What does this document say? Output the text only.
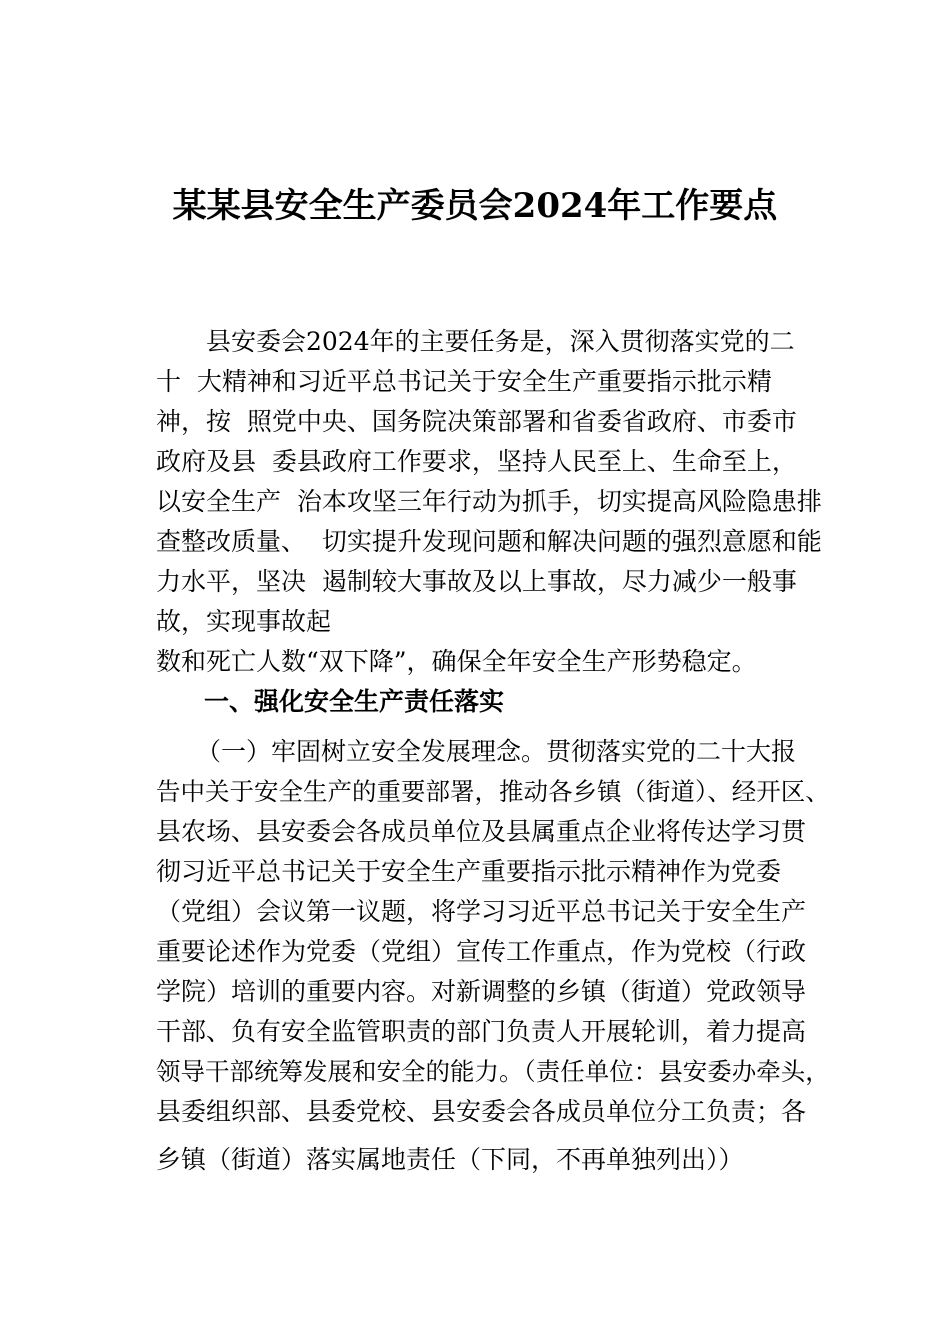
某某县安全生产委员会2024年工作要点
县安委会2024年的主要任务是，深入贯彻落实党的二
十  大精神和习近平总书记关于安全生产重要指示批示精
神，按  照党中央、国务院决策部署和省委省政府、市委市
政府及县  委县政府工作要求，坚持人民至上、生命至上，
以安全生产  治本攻坚三年行动为抓手，切实提高风险隐患排
查整改质量、  切实提升发现问题和解决问题的强烈意愿和能
力水平，坚决  遏制较大事故及以上事故，尽力减少一般事
故，实现事故起
数和死亡人数“双下降”，确保全年安全生产形势稳定。
一、强化安全生产责任落实
（一）牢固树立安全发展理念。贯彻落实党的二十大报
告中关于安全生产的重要部署，推动各乡镇（街道）、经开区、
县农场、县安委会各成员单位及县属重点企业将传达学习贯
彻习近平总书记关于安全生产重要指示批示精神作为党委
（党组）会议第一议题，将学习习近平总书记关于安全生产
重要论述作为党委（党组）宣传工作重点，作为党校（行政
学院）培训的重要内容。对新调整的乡镇（街道）党政领导
干部、负有安全监管职责的部门负责人开展轮训，着力提高
领导干部统筹发展和安全的能力。（责任单位：县安委办牵头，
县委组织部、县委党校、县安委会各成员单位分工负责；各
乡镇（街道）落实属地责任（下同，不再单独列出））
